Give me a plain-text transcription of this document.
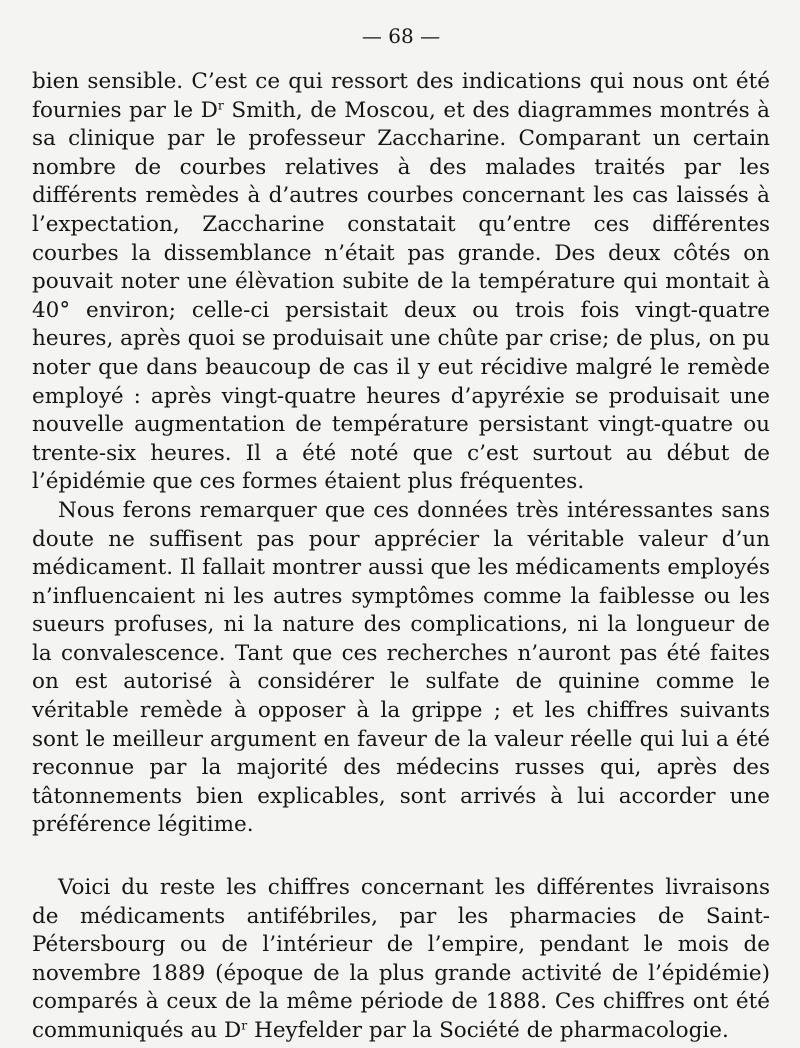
— 68 —

bien sensible. C’est ce qui ressort des indications qui nous ont été fournies par le $D^r$ Smith, de Moscou, et des diagrammes montrés à sa clinique par le professeur Zaccharine. Comparant un certain nombre de courbes relatives à des malades traités par les différents remèdes à d’autres courbes concernant les cas laissés à l’expectation, Zaccharine constatait qu’entre ces différentes courbes la dissemblance n’était pas grande. Des deux côtés on pouvait noter une élèvation subite de la température qui montait à 40° environ; celle-ci persistait deux ou trois fois vingt-quatre heures, après quoi se produisait une chûte par crise; de plus, on pu noter que dans beaucoup de cas il y eut récidive malgré le remède employé : après vingt-quatre heures d’apyréxie se produisait une nouvelle augmentation de température persistant vingt-quatre ou trente-six heures. Il a été noté que c’est surtout au début de l’épidémie que ces formes étaient plus fréquentes.

Nous ferons remarquer que ces données très intéressantes sans doute ne suffisent pas pour apprécier la véritable valeur d’un médicament. Il fallait montrer aussi que les médicaments employés n’influencaient ni les autres symptômes comme la faiblesse ou les sueurs profuses, ni la nature des complications, ni la longueur de la convalescence. Tant que ces recherches n’auront pas été faites on est autorisé à considérer le sulfate de quinine comme le véritable remède à opposer à la grippe ; et les chiffres suivants sont le meilleur argument en faveur de la valeur réelle qui lui a été reconnue par la majorité des médecins russes qui, après des tâtonnements bien explicables, sont arrivés à lui accorder une préférence légitime.

Voici du reste les chiffres concernant les différentes livraisons de médicaments antifébriles, par les pharmacies de Saint-Pétersbourg ou de l’intérieur de l’empire, pendant le mois de novembre 1889 (époque de la plus grande activité de l’épidémie) comparés à ceux de la même période de 1888. Ces chiffres ont été communiqués au $D^r$ Heyfelder par la Société de pharmacologie.
